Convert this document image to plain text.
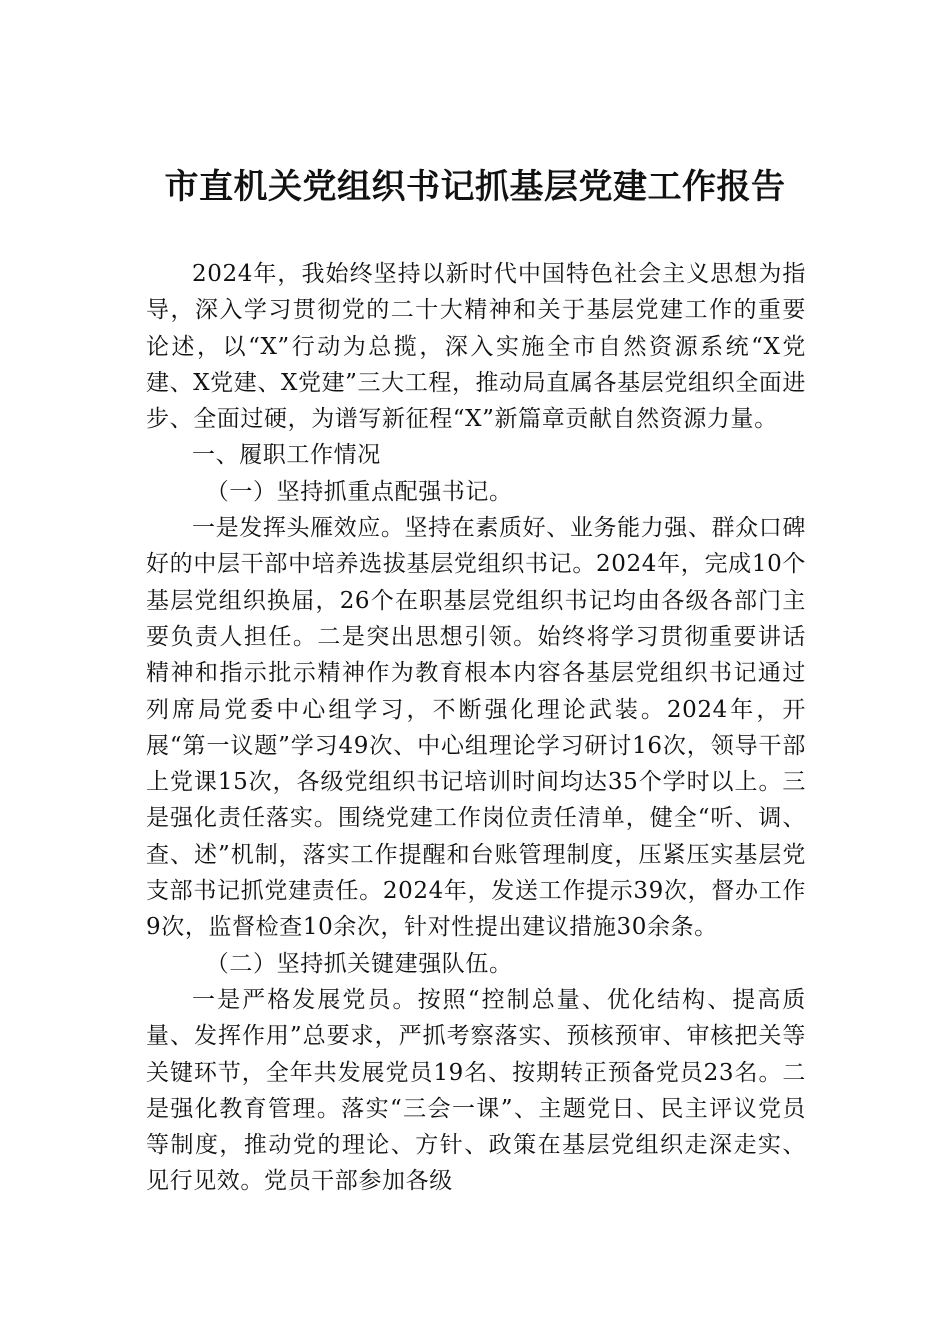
市直机关党组织书记抓基层党建工作报告

2024年，我始终坚持以新时代中国特色社会主义思想为指导，深入学习贯彻党的二十大精神和关于基层党建工作的重要论述，以“X”行动为总揽，深入实施全市自然资源系统“X党建、X党建、X党建”三大工程，推动局直属各基层党组织全面进步、全面过硬，为谱写新征程“X”新篇章贡献自然资源力量。

一、履职工作情况

（一）坚持抓重点配强书记。

一是发挥头雁效应。坚持在素质好、业务能力强、群众口碑好的中层干部中培养选拔基层党组织书记。2024年，完成10个基层党组织换届，26个在职基层党组织书记均由各级各部门主要负责人担任。二是突出思想引领。始终将学习贯彻重要讲话精神和指示批示精神作为教育根本内容各基层党组织书记通过列席局党委中心组学习，不断强化理论武装。2024年，开展“第一议题”学习49次、中心组理论学习研讨16次，领导干部上党课15次，各级党组织书记培训时间均达35个学时以上。三是强化责任落实。围绕党建工作岗位责任清单，健全“听、调、查、述”机制，落实工作提醒和台账管理制度，压紧压实基层党支部书记抓党建责任。2024年，发送工作提示39次，督办工作9次，监督检查10余次，针对性提出建议措施30余条。

（二）坚持抓关键建强队伍。

一是严格发展党员。按照“控制总量、优化结构、提高质量、发挥作用”总要求，严抓考察落实、预核预审、审核把关等关键环节，全年共发展党员19名、按期转正预备党员23名。二是强化教育管理。落实“三会一课”、主题党日、民主评议党员等制度，推动党的理论、方针、政策在基层党组织走深走实、见行见效。党员干部参加各级
